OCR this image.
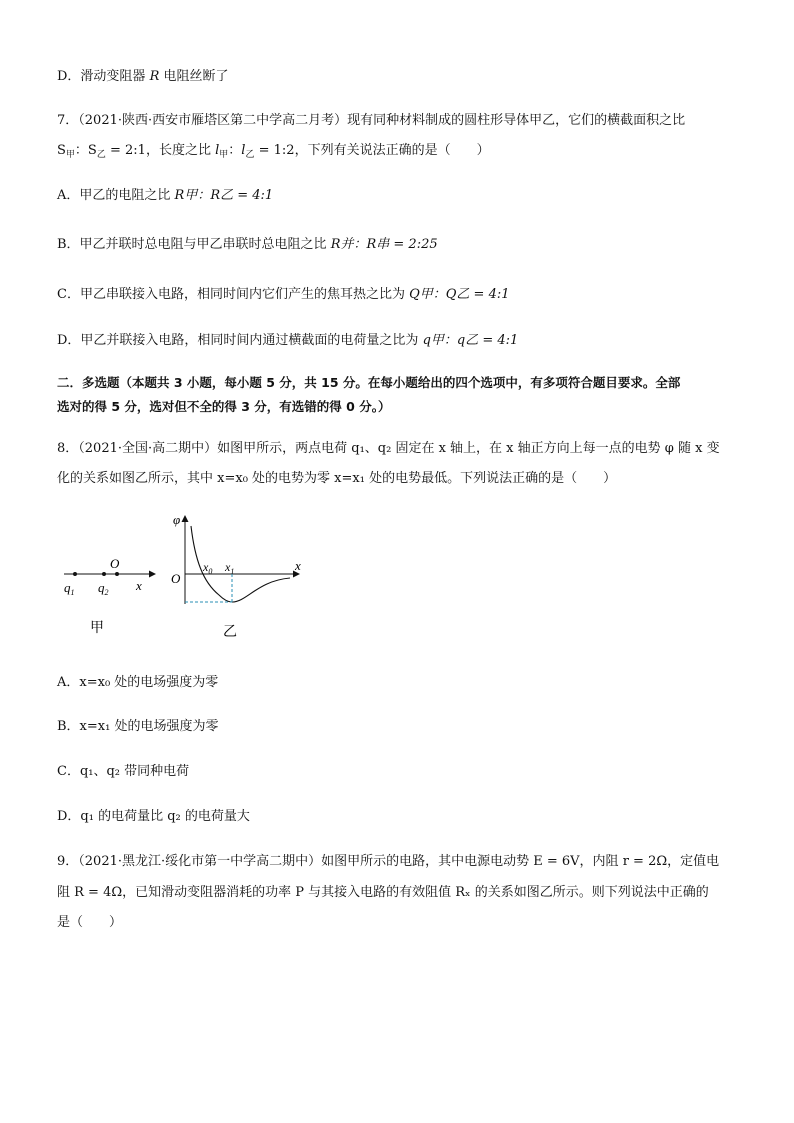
D．滑动变阻器 R 电阻丝断了
7．（2021·陕西·西安市雁塔区第二中学高二月考）现有同种材料制成的圆柱形导体甲乙，它们的横截面积之比
$S_甲$：$S_乙$ = 2:1，长度之比 $l_甲$：$l_乙$ = 1:2，下列有关说法正确的是（　　）
A．甲乙的电阻之比 R甲：R乙 = 4:1
B．甲乙并联时总电阻与甲乙串联时总电阻之比 R并：R串 = 2:25
C．甲乙串联接入电路，相同时间内它们产生的焦耳热之比为 Q甲：Q乙 = 4:1
D．甲乙并联接入电路，相同时间内通过横截面的电荷量之比为 q甲：q乙 = 4:1
二．多选题（本题共 3 小题，每小题 5 分，共 15 分。在每小题给出的四个选项中，有多项符合题目要求。全部
选对的得 5 分，选对但不全的得 3 分，有选错的得 0 分。）
8．（2021·全国·高二期中）如图甲所示，两点电荷 q₁、q₂ 固定在 x 轴上，在 x 轴正方向上每一点的电势 φ 随 x 变
化的关系如图乙所示，其中 x=x₀ 处的电势为零 x=x₁ 处的电势最低。下列说法正确的是（　　）
$q_1$ $q_2$
O
x
甲
φ
O
$x_0$ $x_1$	x
乙
A．x=x₀ 处的电场强度为零
B．x=x₁ 处的电场强度为零
C．q₁、q₂ 带同种电荷
D．q₁ 的电荷量比 q₂ 的电荷量大
9．（2021·黑龙江·绥化市第一中学高二期中）如图甲所示的电路，其中电源电动势 E = 6V，内阻 r = 2Ω，定值电
阻 R = 4Ω，已知滑动变阻器消耗的功率 P 与其接入电路的有效阻值 Rₓ 的关系如图乙所示。则下列说法中正确的
是（　　）
